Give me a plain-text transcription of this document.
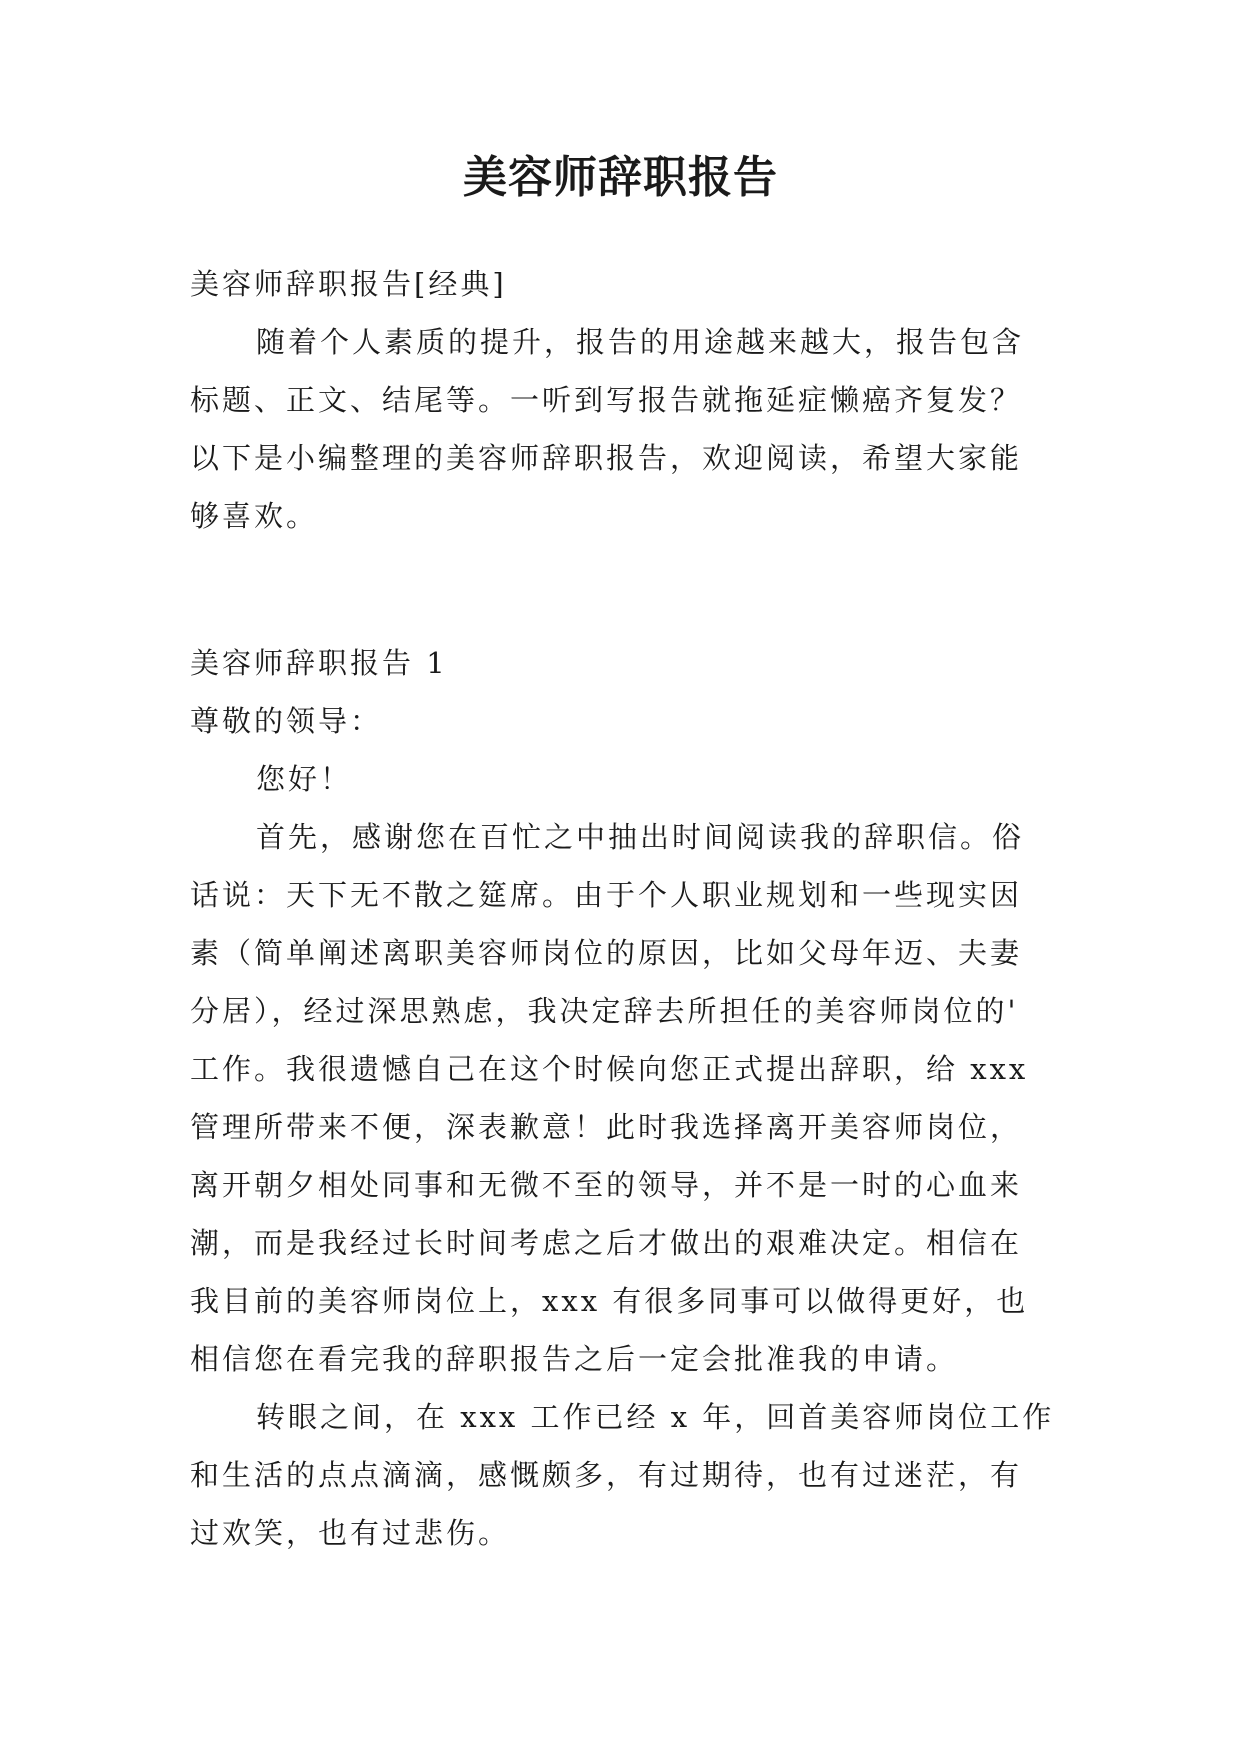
美容师辞职报告
美容师辞职报告[经典]
随着个人素质的提升，报告的用途越来越大，报告包含
标题、正文、结尾等。一听到写报告就拖延症懒癌齐复发？
以下是小编整理的美容师辞职报告，欢迎阅读，希望大家能
够喜欢。
美容师辞职报告 1
尊敬的领导：
您好！
首先，感谢您在百忙之中抽出时间阅读我的辞职信。俗
话说：天下无不散之筵席。由于个人职业规划和一些现实因
素（简单阐述离职美容师岗位的原因，比如父母年迈、夫妻
分居），经过深思熟虑，我决定辞去所担任的美容师岗位的'
工作。我很遗憾自己在这个时候向您正式提出辞职，给 xxx
管理所带来不便，深表歉意！此时我选择离开美容师岗位，
离开朝夕相处同事和无微不至的领导，并不是一时的心血来
潮，而是我经过长时间考虑之后才做出的艰难决定。相信在
我目前的美容师岗位上，xxx 有很多同事可以做得更好，也
相信您在看完我的辞职报告之后一定会批准我的申请。
转眼之间，在 xxx 工作已经 x 年，回首美容师岗位工作
和生活的点点滴滴，感慨颇多，有过期待，也有过迷茫，有
过欢笑，也有过悲伤。
